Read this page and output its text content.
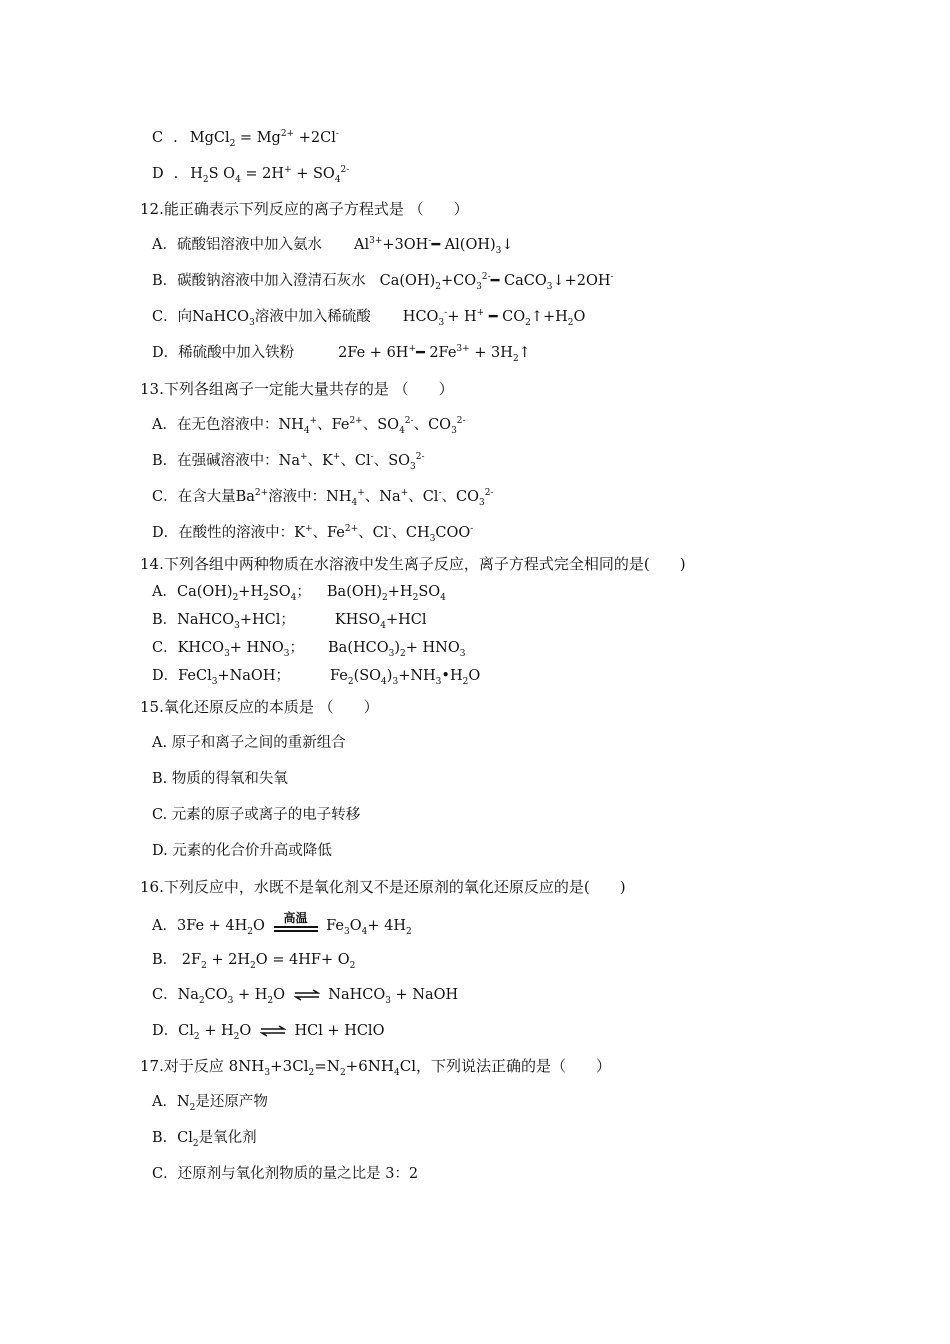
C . MgCl$_2$ = $Mg^{2+} +2Cl^-$
D . $H_2S$ $O_4 = 2H^+ + SO_4^{2-}$
12.能正确表示下列反应的离子方程式是 （　　）
A．硫酸铝溶液中加入氨水 $Al^{3+}+3OH^-━$ $Al(OH)_3↓$
B．碳酸钠溶液中加入澄清石灰水 $Ca(OH)_2+CO_3^{2-}━$ CaCO$_3$↓+2OH-
C．向NaHCO$_3$溶液中加入稀硫酸 $HCO_3^-+ H^+$ ━ $CO_2↑+H_2O$
D．稀硫酸中加入铁粉	2Fe + 6H+━ $2Fe^{3+}$ + $3H_2↑$
13.下列各组离子一定能大量共存的是 （　　）
A．在无色溶液中：$NH_4^+$、$Fe^{2+}$、$SO_4^{2-}$、$CO_3^{2-}$
B．在强碱溶液中：Na+、K+、Cl-、$SO_3^{2-}$
C．在含大量$Ba^{2+}$溶液中：$NH_4^+$、Na+、Cl-、$CO_3^{2-}$
D．在酸性的溶液中：K+、$Fe^{2+}$、Cl-、$CH_3COO^-$
14.下列各组中两种物质在水溶液中发生离子反应，离子方程式完全相同的是(　　)
A．$Ca(OH)_2+H_2SO_4$； $Ba(OH)_2+H_2SO_4$
B．NaHCO$_3$+HCl；	$KHSO_4+HCl$
C．$KHCO_3+ HNO_3$； $Ba(HCO_3)_2+ HNO_3$
D．FeCl$_3$+NaOH；	$Fe_2(SO_4)_3+NH_3•H_2O$
15.氧化还原反应的本质是 （　　）
A. 原子和离子之间的重新组合
B. 物质的得氧和失氧
C. 元素的原子或离子的电子转移
D. 元素的化合价升高或降低
16.下列反应中，水既不是氧化剂又不是还原剂的氧化还原反应的是(　　)
A．$3Fe + 4H_2O$	高温	$Fe_3O_4+ 4H_2$
B． $2F_2 + 2H_2O = 4HF+ O_2$
C．$Na_2CO_3 + H_2O$ ⇌ NaHCO$_3$ + NaOH
D．$Cl_2 + H_2O$ ⇌ HCl + HClO
17.对于反应 $8NH_3+3Cl_2=N_2+6NH_4Cl$，下列说法正确的是（　　）
A．$N_2$是还原产物
B．$Cl_2$是氧化剂
C．还原剂与氧化剂物质的量之比是 3：2
